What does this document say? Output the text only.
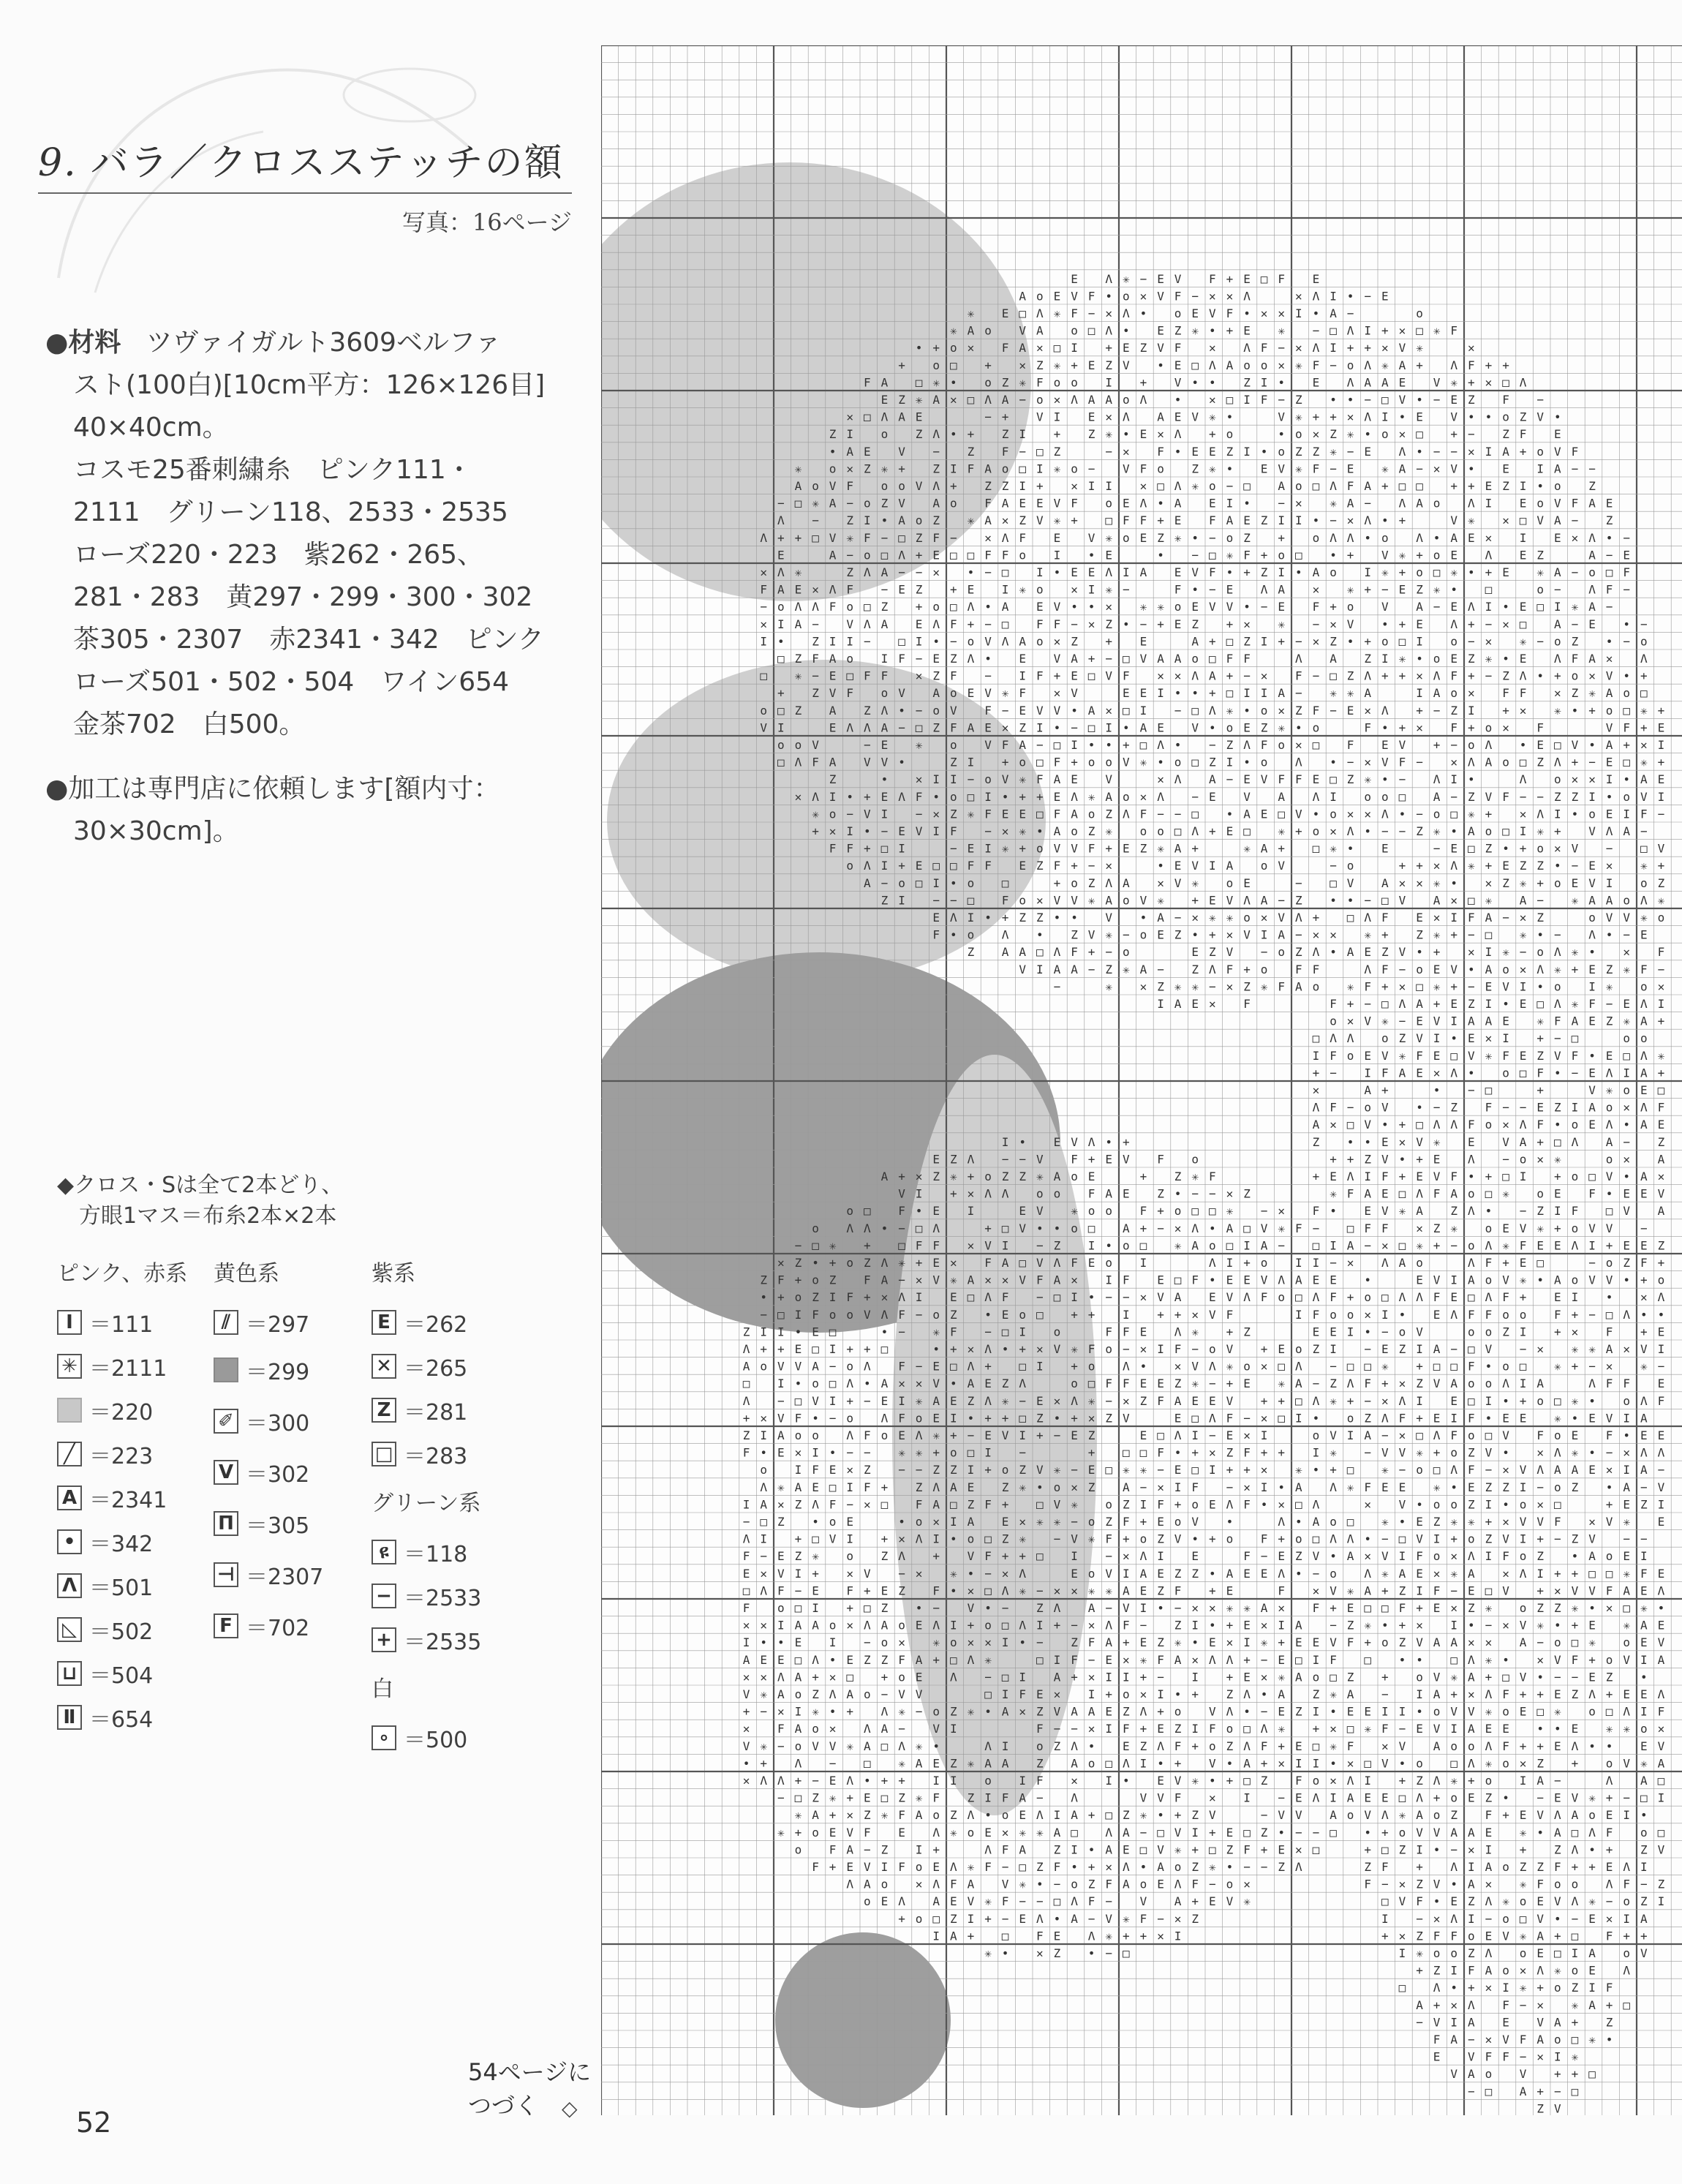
9. バラ／クロスステッチの額
写真：16ページ
●材料 ツヴァイガルト3609ベルファ
スト(100白)[10cm平方：126×126目]
40×40cm。
コスモ25番刺繍糸　ピンク111・
2111　グリーン118、2533・2535
ローズ220・223　紫262・265、
281・283　黄297・299・300・302
茶305・2307　赤2341・342　ピンク
ローズ501・502・504　ワイン654
金茶702　白500。
●加工は専門店に依頼します[額内寸：
30×30cm]。
◆クロス・Sは全て2本どり、
方眼1マス＝布糸2本×2本
ピンク、赤系
I ＝111
✳ ＝2111
＝220
╱ ＝223
A ＝2341
• ＝342
Λ ＝501
◺ ＝502
⊔ ＝504
Ⅱ ＝654
黄色系
⫽ ＝297
＝299
✐ ＝300
V ＝302
Π ＝305
⊣ ＝2307
F ＝702
紫系
E ＝262
✕ ＝265
Z ＝281
□ ＝283
グリーン系
ዩ ＝118
− ＝2533
+ ＝2535
白
∘ ＝500
E Λ ✳ − E V F + E □ F E
A o E V F • o ✕ V F − ✕ ✕ Λ	✕ Λ I • − E
✳ E □ Λ ✳ F − ✕ Λ • o E V F • ✕ ✕ I • A −	o
✳ A o V A o □ Λ • E Z ✳ • + E ✳ − □ Λ I + ✕ □ ✳ F
• + o ✕ F A ✕ □ I + E Z V F ✕ Λ F − ✕ Λ I + + ✕ V ✳	✕
+ o □ + ✕ Z ✳ + E Z V • E □ Λ A o o ✕ ✳ F − o Λ ✳ A + Λ F + +
F A □ ✳ • o Z ✳ F o o I + V • • Z I • E Λ A A E V ✳ + ✕ □ Λ
E Z ✳ A ✕ □ Λ A − o ✕ Λ A A o Λ • ✕ □ I F − Z • • − □ V • − E Z F −
✕ □ Λ A E	− + V I E ✕ Λ A E V ✳ •	V ✳ + + ✕ Λ I • E V • • o Z V •
Z I o Z Λ • + Z I + Z ✳ • E ✕ Λ + o	• o ✕ Z ✳ • o ✕ □ + − Z F E
• A E V − Z F − □ Z	− ✕ F • E E Z I • o Z Z ✳ − E Λ • − − ✕ I A + o V F
✳ o ✕ Z ✳ + Z I F A o □ I ✳ o − V F o Z ✳ • E V ✳ F − E ✳ A − ✕ V • E I A − −
A o V F o o V Λ + Z Z I + ✕ I I ✕ □ Λ ✳ o − □ A o □ Λ F A + □ □ + + E Z I • o Z
− □ ✳ A − o Z V A o F A E E V F o E Λ • A E I • − ✕ ✳ A − Λ A o Λ I E o V F A E
Λ − Z I • A o Z ✳ A ✕ Z V ✳ + □ F F + E F A E Z I I • − ✕ Λ • +	V ✳ ✕ □ V A − Z
Λ + + □ V ✳ F − □ Z F − ✕ Λ F E V ✳ o E Z ✳ • − o Z + o Λ Λ • o Λ • A E ✕ I E ✕ Λ • −
E	A − o □ Λ + E □ □ F F o I • E	• − □ ✳ F + o □ • + V ✳ + o E Λ E Z	A − E
✕ Λ ✳	Z Λ A − − ✕ • − □ I • E E Λ I A E V F • + Z I • A o I ✳ + o □ ✳ • + E ✳ A − o □ F
F A E ✕ Λ F − E Z + E I ✳ o ✕ I ✳ −	F • − E Λ A ✕ ✳ + − E Z ✳ • □	o − Λ F −
− o Λ Λ F o □ Z + o □ Λ • A E V • • ✕ ✳ ✳ o E V V • − E F + o V A − E Λ I • E □ I ✳ A −
✕ I A − V Λ A E Λ F + − □ F F − ✕ Z • − + E Z + ✕ ✳ − ✕ V • + E Λ + − ✕ □ A − E • −
I • Z I I − □ I • − o V Λ A o ✕ Z + E	A + □ Z I + − ✕ Z • + o □ I o − ✕ ✳ − o Z • − o
□ Z F A o I F − E Z Λ • E V A + − □ V A A o □ F F	Λ A Z I ✳ • o E Z ✳ • E Λ F A ✕ Λ
□ ✳ − E □ F F ✕ Z F − I F + E □ V F ✕ ✕ Λ A + − ✕ F − □ Z Λ + + ✕ Λ F + − Z Λ • + o ✕ V • +
+ Z V F o V A o E V ✳ F ✕ V	E E I • • + □ I I A − ✳ ✳ A	I A o ✕ F F ✕ Z ✳ A o □
o □ Z A Z Λ • − o V F − E V V • A ✕ □ I − □ Λ ✳ • o ✕ Z F − E ✕ Λ + − Z I + ✕ ✳ • + o □ ✳ +
V I	E Λ Λ A − □ Z F A E ✕ Z I • − □ I • A E V • o E Z ✳ • o	F • + ✕ F + o ✕ F	V F + E
o o V	− E ✳ o V F A − □ I • • + □ Λ • − Z Λ F o ✕ □ F E V + − o Λ • E □ V • A + ✕ I
□ Λ F A V V •	Z I + o □ F + o o V ✳ • o □ Z I • o Λ • − ✕ V F − ✕ Λ A o □ Z Λ + − E □ ✳ +
Z	• ✕ I I − o V ✳ F A E V	✕ Λ A − E V F F E □ Z ✳ • − Λ I •	Λ o ✕ ✕ I • A E
✕ Λ I • + E Λ F • o □ I • + + E Λ ✳ A o ✕ Λ − E V A Λ I o o □ A − Z V F − − Z Z I • o V I
✳ o − V I − ✕ Z ✳ F E E □ F A o Z Λ F − − □ • A E □ V • o ✕ ✕ Λ • − o □ ✳ + ✕ Λ I • o E I F −
+ ✕ I • − E V I F − ✕ ✳ • A o Z ✳ o o □ Λ + E □ ✳ + o ✕ Λ • − − Z ✳ • A o □ I ✳ + V Λ A −
F F + □ I	− E I ✳ + o V V F + E Z ✳ A +	✳ A + □ ✳ • E	− E □ Z • + o ✕ V − □ V
o Λ I + E □ □ F F E Z F + − ✕	• E V I A o V	− o	+ + ✕ Λ ✳ + E Z Z • − E ✕ ✳ +
A − o □ I • o □	+ o Z Λ A ✕ V ✳ o E	− □ V A ✕ ✕ ✳ • ✕ Z ✳ + o E V I o Z
Z I − − □ F o ✕ V V ✳ A o V ✳ + E V Λ A − Z • • − □ V A ✕ □ ✳ A − ✳ A A o Λ ✳
E Λ I • + Z Z • • V • A − ✕ ✳ ✳ o ✕ V Λ + □ Λ F E ✕ I F A − ✕ Z	o V V ✳ o
F • o Λ • Z V ✳ − o E Z • + ✕ V I A − ✕ ✕ ✳ + Z ✳ + − □ ✳ • − Λ • − E
Z A A □ Λ F + − o	E Z V − o Z Λ • A E Z V • + ✕ I ✳ − o Λ ✳ • ✕ F
V I A A − Z ✳ A − Z Λ F + o F F	Λ F − o E V • A o ✕ Λ ✳ + E Z ✳ F −
−	✳ ✕ Z ✳ ✳ − ✕ Z ✳ F A o ✳ F + ✕ □ ✳ + − E V I • o I ✳ o ✕
I A E ✕ F	F + − □ Λ A + E Z I • E □ Λ ✳ F − E Λ I
o ✕ V ✳ − E V I A A E ✳ F A E Z ✳ A +
□ Λ Λ o Z V I • E ✕ I + − □	o o
I F o E V ✳ F E □ V ✳ F E Z V F • E □ Λ ✳
+ − I F A E ✕ Λ • o □ F • − E Λ I A +
✕	A +	• − □	+	V ✳ o E □
Λ F − o V • − Z F − − E Z I A o ✕ Λ F
A ✕ □ V • + □ Λ Λ F o ✕ Λ F • o E Λ • A E
I • E V Λ • +	Z • • E ✕ V ✳ E V A + □ Λ A − Z
E Z Λ − − V F + E V F o	+ + Z V • + E Λ − o ✕ ✳	o ✕ A
A + ✕ Z ✳ + o Z Z ✳ A o E	+ Z ✳ F	+ E Λ I F + E V F • + □ I + o □ V • A ✕
V I + ✕ Λ Λ o o F A E Z • − − ✕ Z	✳ F A E □ Λ F A o □ ✳ o E F • E E V
o □ F • E I	E V ✳ o o F + o □ □ ✳ − ✕ F • E V ✳ A Z Λ • − Z I F □ V A
o Λ Λ • − □ Λ	+ □ V • • o □ A + − ✕ Λ • A □ V ✳ F − □ F F ✕ Z ✳ o E V ✳ + o V V −
− □ ✳ + □ F F ✕ V I − Z I • o □ ✳ A o □ I A − □ I A − ✕ □ ✳ + − o Λ ✳ F E E Λ I + E E Z
✕ Z • + o Z Λ ✳ + E ✕ F A □ V Λ F E o I	Λ I + o I I − ✕ Λ A o	Λ F + E □	− o Z F +
Z F + o Z F A − ✕ V ✳ A ✕ ✕ V F A ✕ I F E □ F • E E V Λ A E E •	E V I A o V ✳ • A o V V • + o
• + o Z I F + ✕ Λ I E □ Λ F − □ I • − − ✕ V A E V Λ F o □ Λ F + o □ Λ Λ F E □ Λ F + E I • ✕ Λ
− □ I F o o V Λ F − o Z • E o □ + + I + + ✕ V F	I F o o ✕ I • E Λ F F o o F + − □ Λ • •
Z I I • E □	• − ✳ F − □ I o	F F E Λ ✳ + Z	E E I • − o V	o o Z I + ✕ F + E
Λ + + E □ I + + □	• + ✕ Λ • + ✕ V ✳ F o − ✕ I F − o V + E o Z I − E Z I A − □ V − ✕ ✳ ✳ A ✕ V I
A o V V A − o Λ F − E □ Λ + □ I + o Λ • ✕ V Λ ✳ o ✕ □ Λ − □ □ ✳ + □ □ F • o □ ✳ + − ✕ ✳ −
□ I • o □ Λ • A ✕ ✕ V • A E Z Λ	o □ F F E E Z ✳ − + E ✳ A − Z Λ F + ✕ Z V A o o Λ I A	Λ F F E
Λ − □ V I + − E I ✳ A E Z Λ ✳ − E ✕ Λ ✳ − ✕ Z F A E E V + + □ Λ ✳ + − ✕ Λ I E □ I • + o □ ✳ • o Λ F
+ ✕ V F • − o Λ F o E I • + + □ Z • + ✕ Z V	E □ Λ F − ✕ □ I • o Z Λ F + E I F • E E ✳ • E V I A
Z I A o o Λ F o E Λ ✳ + − E V I + − E Z	E □ Λ I − E ✕ I	o V I A − ✕ □ Λ F o □ V F o E F • E E
F • E ✕ I • − − ✳ ✳ + o □ I −	+ □ □ F • + ✕ Z F + + I ✳ − V V ✳ + o Z V • ✕ Λ ✳ • − ✕ Λ Λ
o I F E ✕ Z − − Z Z I + o Z V ✳ − E □ ✳ ✳ − E □ I + + ✕ ✳ • + □ ✳ − o □ Λ F − ✕ V Λ A A E ✕ I A −
Λ ✳ A E □ I F + Z Λ A E Z ✳ • o ✕ Z A − ✕ I F − ✕ I • A Λ ✳ F E E ✳ • E Z Z I − o Z • A − V
I A ✕ Z Λ F − ✕ □ F A □ Z F + □ V ✳ o Z I F + o E Λ F • ✕ □ Λ	✕ V • o o Z I • o ✕ □	+ E Z I
− □ Z • o E	• o ✕ I A E ✕ ✳ ✳ − o Z F + E o V •	Λ • A o □ ✳ • E Z ✳ ✳ + ✕ V V F ✕ V ✳ E
Λ I + □ V I + ✕ Λ I • o □ Z ✳ − V ✳ F + o Z V • + o F + o □ Λ Λ • − □ V I + o Z V I + − Z V − −
F − E Z ✳ o Z Λ + V F + + □ I − ✕ Λ I E	F − E Z V • A ✕ V I F o ✕ Λ I F o Z • A o E I
E ✕ V I + ✕ V − ✕ ✳ • − ✕ Λ	E o V I A E Z Z • A E E Λ • − o Λ ✳ A E ✕ ✳ A ✕ Λ I + + □ □ ✳ F E
□ Λ F − E F + E Z F • ✕ □ Λ ✳ − ✕ ✕ ✳ ✳ A E Z F + E	F ✕ V ✳ A + Z I F − E □ V + ✕ V V F A E Λ
F o □ I + □ Z • − V • − Z Λ A − V I • − ✕ ✕ ✳ ✳ A ✕ F + E □ □ F + E ✕ Z ✳ o Z Z ✳ • ✕ □ ✳ •
✕ ✕ I A A o ✕ Λ A o E Λ I + o □ Λ I + − ✕ Λ F − Z I • + E ✕ I A − Z ✳ • + ✕ I • − ✕ V ✳ • + E ✳ A E
I • • E I − o ✕ ✳ o ✕ ✕ I • − Z F A + E Z ✳ • E ✕ I ✳ + E E V F + o Z V A A ✕ ✕ A − o □ ✳ o E V
A E E □ Λ • E Z Z F A + □ Λ ✳	□ I F − E ✕ ✳ F A ✕ Λ Λ + − E □ I F □ • • □ Λ ✳ • ✕ V F + o V I A
✕ ✕ Λ A + ✕ □ + o E Λ − □ I A + ✕ I I + − I + E ✕ ✳ A o □ Z + o V ✳ A + □ V • − − E Z •
V ✳ A o Z Λ A o − V V	□ I F E ✕ I + o ✕ I • + Z Λ • A Z ✳ A − I A + ✕ Λ F + + E Z Λ + E E Λ
+ − ✕ I ✳ • + Λ ✳ − o Z ✳ • A ✕ Z V A A E Z Λ + o V Λ • − E Z I • E E I I • o V V ✳ o E □ ✳ o □ Λ I F
✕ F A o ✕ Λ A − V I	F − − ✕ I F + E Z I F o □ Λ ✳ + ✕ □ ✳ F − E V I A E E • • E ✳ ✳ o ✕
V ✳ − o V V ✳ A □ Λ ✳ •	Λ I o Z Λ • E Z Λ F + o Z Λ F + E □ ✳ F ✕ V A o o Λ F + + E Λ • • E V
• + Λ − □ ✳ A E Z ✳ A A Z A o □ Λ I • + V • A + ✕ I I • ✕ □ V • o □ Λ ✳ o ✕ Z + o V ✳ A
✕ Λ Λ + − E Λ • + + I I o I F ✕ I • E V ✳ • + □ Z F o ✕ Λ I + Z Λ ✳ + o I A −	Λ A □
− □ Z ✳ + E □ Z ✳ F Z I F A − Λ	V V F ✕ I − E Λ I A E E □ Λ + o E Z • − E V ✳ + − □ I
✳ A + ✕ Z ✳ F A o Z Λ • o E Λ I A + □ Z ✳ • + Z V	− V V A o V Λ ✳ A o Z F + E V Λ A o E I •
✳ + o E V F E Λ ✳ o E ✕ ✳ ✳ A □ Λ A − □ V I + E □ Z • − − □ • + o V V A A E ✳ • A □ Λ F o □
o F A − Z I +	Λ F A Z I • A E □ V ✳ + □ Z F + E ✕ □	+ □ Z I • − ✕ I + Z Λ • + Z V
F + E V I F o E Λ ✳ F − □ Z F • + ✕ Λ • A o Z ✳ • − − Z Λ	Z F + Λ I A o Z Z F + + E Λ I
Λ A o ✕ Λ F A V ✳ • − o Z F A o E Λ F − o ✕	F − ✕ Z V • A ✕ ✳ F o o Λ F − Z
o E Λ A E V ✳ F − − □ Λ F − V A + E V ✳	□ V F • E Z Λ ✳ o E V Λ ✳ − o Z I
+ o □ Z I + − E Λ • A − V ✳ F − ✕ Z	I − ✕ Λ I − o □ V • − E ✕ I A
I A + □ F E Λ ✳ + + ✕ I	+ ✕ Z F F o E V ✳ A + □ F + +
✳ • ✕ Z • − □	I ✳ o o Z Λ o E □ I A o V
+ Z I F A o ✕ Λ ✳ o E Λ
□ Λ • + ✕ I ✳ + o Z I F
A + ✕ Λ F − ✕ ✳ A + □
− V I A E V A + Z
F A − ✕ V F A o □ ✳ •
E V F F − ✕ I ✳
V A o V + + □
− □ A + − □
Z V
54ページに
つづく	◇
52
